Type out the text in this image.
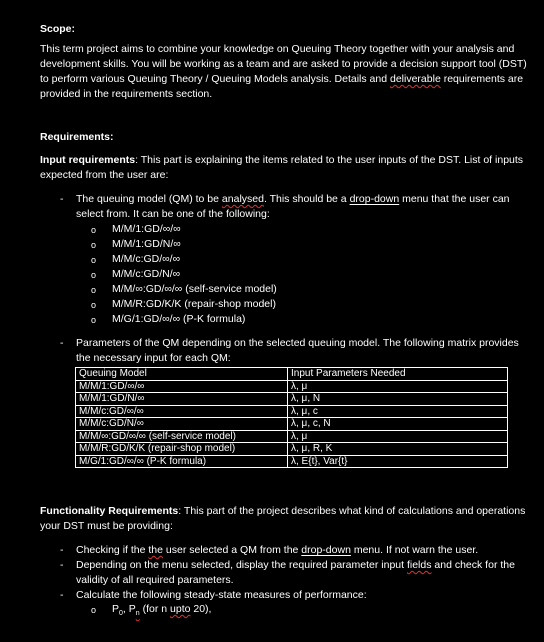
Scope:
This term project aims to combine your knowledge on Queuing Theory together with your analysis and
development skills. You will be working as a team and are asked to provide a decision support tool (DST)
to perform various Queuing Theory / Queuing Models analysis. Details and deliverable requirements are
provided in the requirements section.
Requirements:
Input requirements: This part is explaining the items related to the user inputs of the DST. List of inputs
expected from the user are:
- The queuing model (QM) to be analysed. This should be a drop-down menu that the user can
select from. It can be one of the following:
o M/M/1:GD/∞/∞
o M/M/1:GD/N/∞
o M/M/c:GD/∞/∞
o M/M/c:GD/N/∞
o M/M/∞:GD/∞/∞ (self-service model)
o M/M/R:GD/K/K (repair-shop model)
o M/G/1:GD/∞/∞ (P-K formula)
- Parameters of the QM depending on the selected queuing model. The following matrix provides
the necessary input for each QM:
Queuing Model	Input Parameters Needed
M/M/1:GD/∞/∞	λ, μ
M/M/1:GD/N/∞	λ, μ, N
M/M/c:GD/∞/∞	λ, μ, c
M/M/c:GD/N/∞	λ, μ, c, N
M/M/∞:GD/∞/∞ (self-service model)	λ, μ
M/M/R:GD/K/K (repair-shop model)	λ, μ, R, K
M/G/1:GD/∞/∞ (P-K formula)	λ, E{t}, Var{t}
Functionality Requirements: This part of the project describes what kind of calculations and operations
your DST must be providing:
- Checking if the the user selected a QM from the drop-down menu. If not warn the user.
- Depending on the menu selected, display the required parameter input fields and check for the
validity of all required parameters.
- Calculate the following steady-state measures of performance:
o $P_0$, $P_n$ (for n upto 20),
